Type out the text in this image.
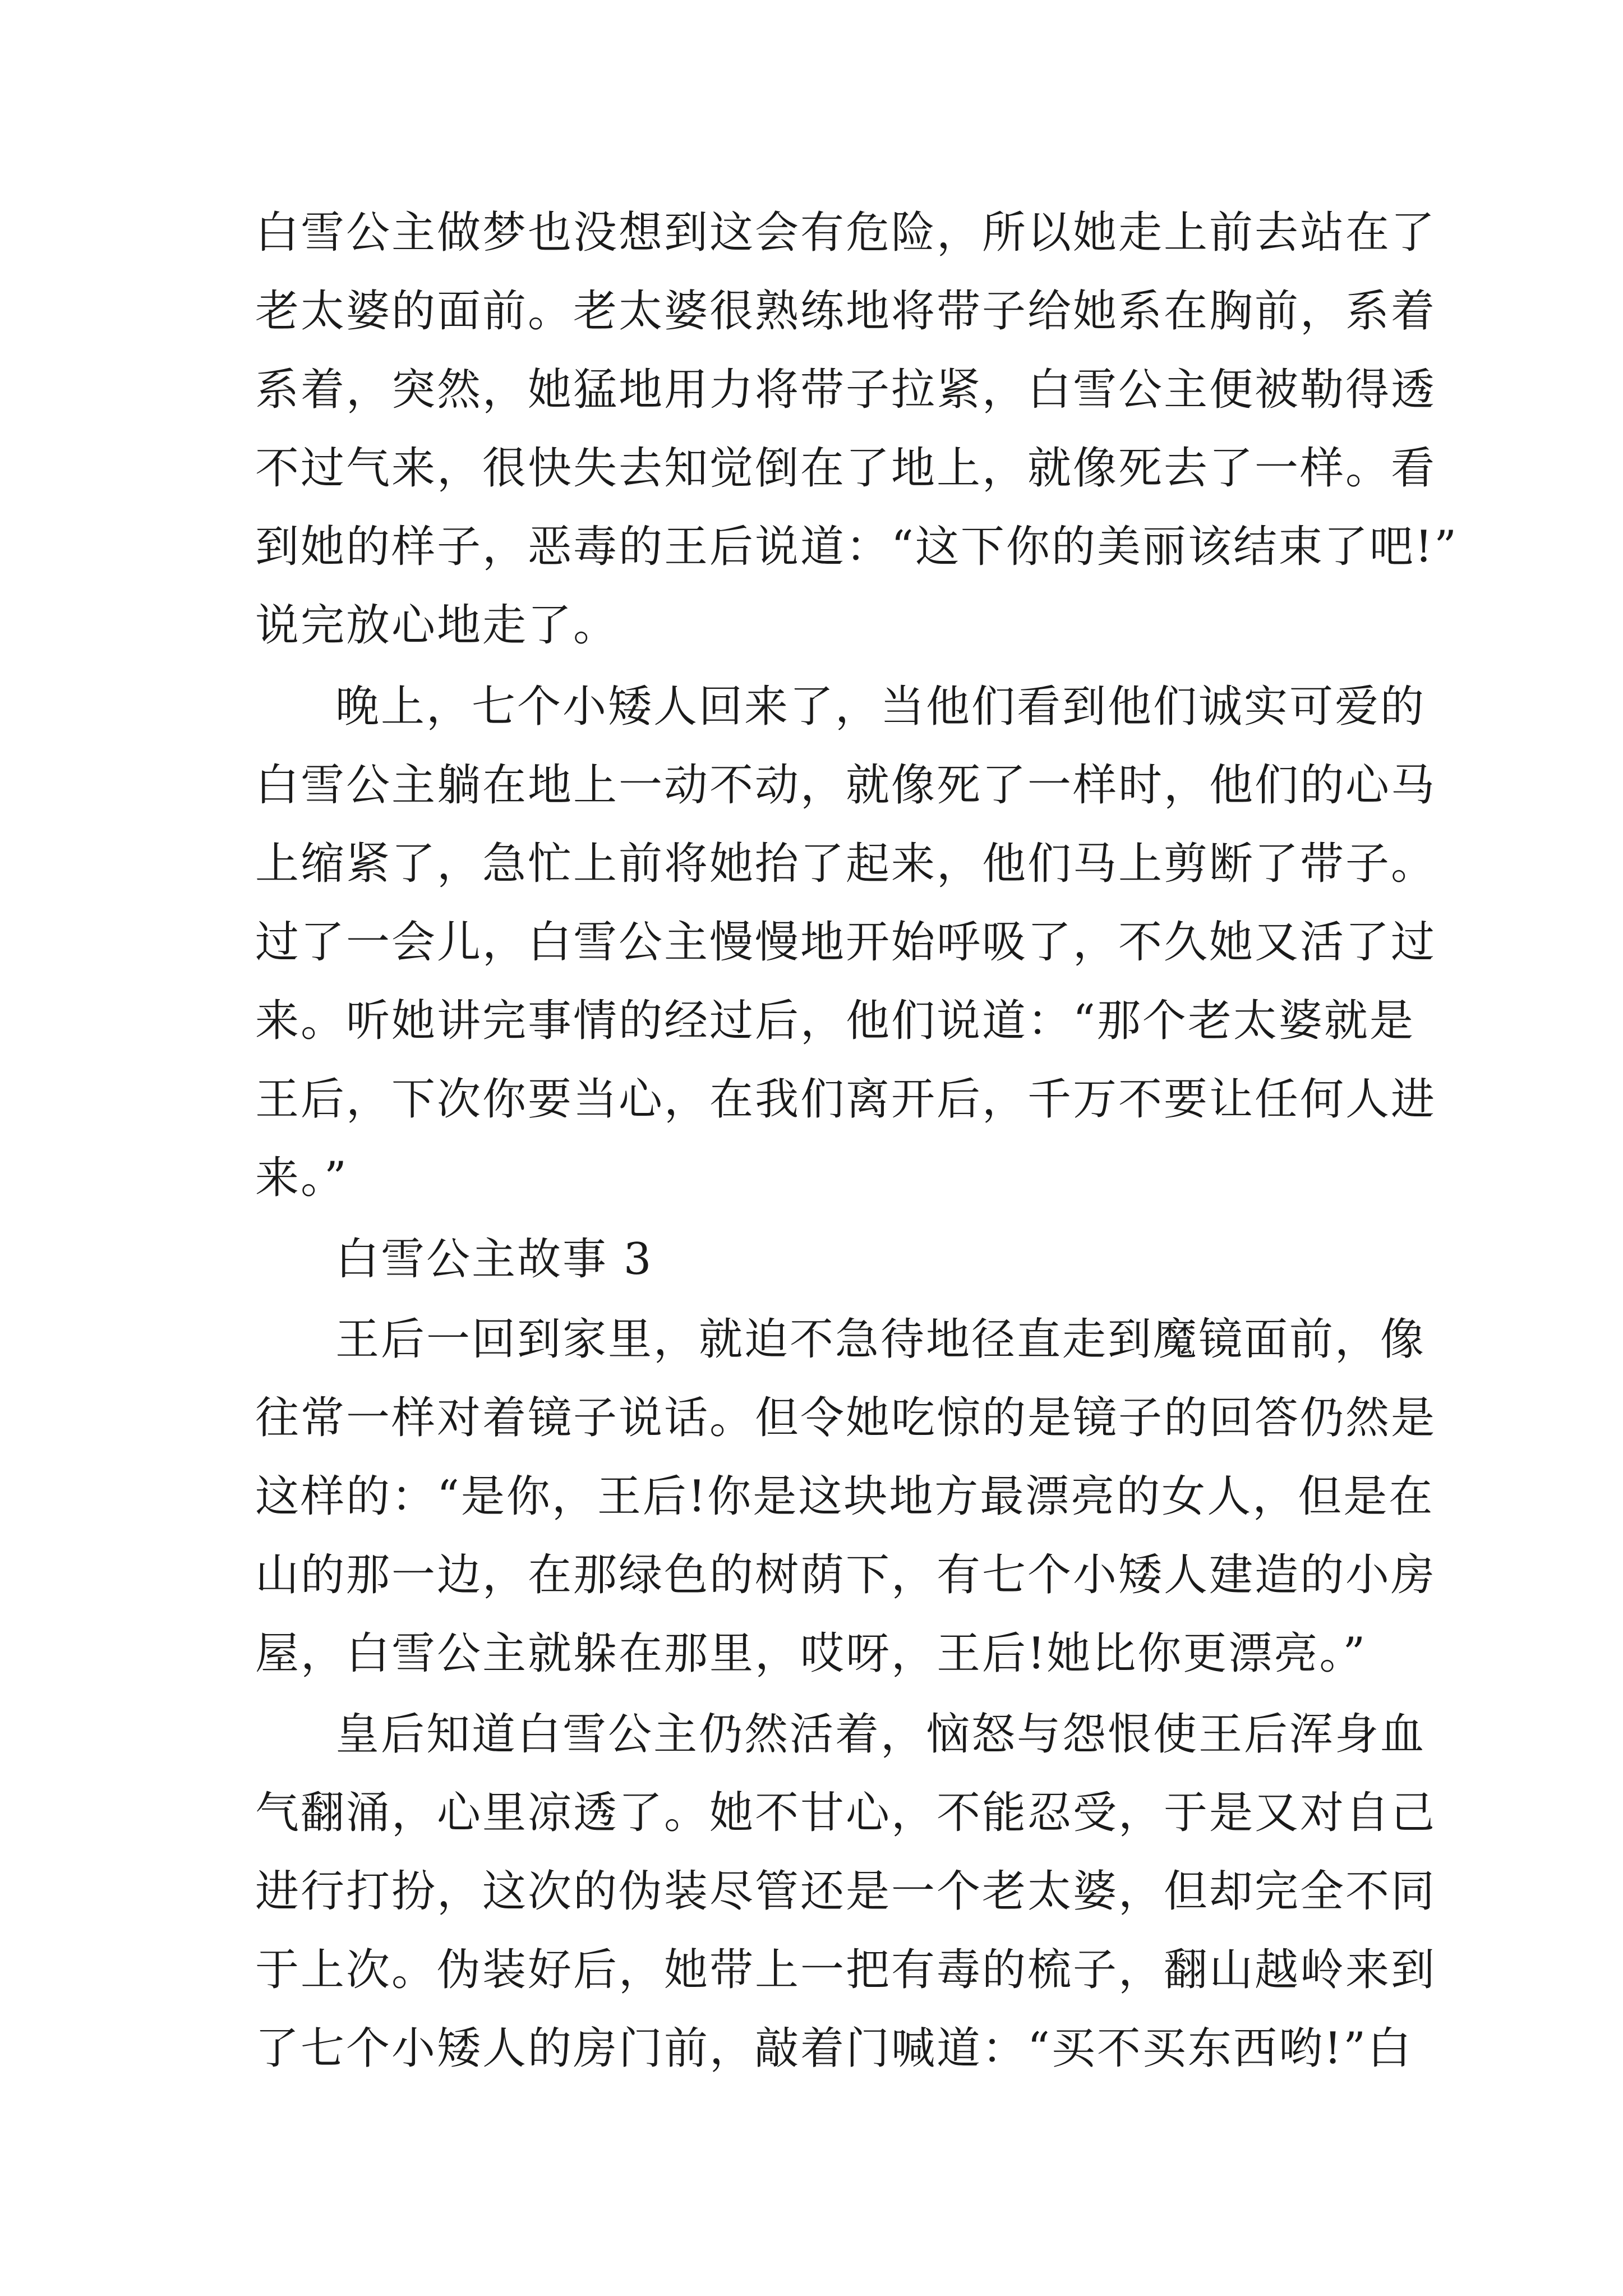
白雪公主做梦也没想到这会有危险，所以她走上前去站在了
老太婆的面前。老太婆很熟练地将带子给她系在胸前，系着
系着，突然，她猛地用力将带子拉紧，白雪公主便被勒得透
不过气来，很快失去知觉倒在了地上，就像死去了一样。看
到她的样子，恶毒的王后说道：“这下你的美丽该结束了吧!”
说完放心地走了。
晚上，七个小矮人回来了，当他们看到他们诚实可爱的
白雪公主躺在地上一动不动，就像死了一样时，他们的心马
上缩紧了，急忙上前将她抬了起来，他们马上剪断了带子。
过了一会儿，白雪公主慢慢地开始呼吸了，不久她又活了过
来。听她讲完事情的经过后，他们说道：“那个老太婆就是
王后，下次你要当心，在我们离开后，千万不要让任何人进
来。”
白雪公主故事 3
王后一回到家里，就迫不急待地径直走到魔镜面前，像
往常一样对着镜子说话。但令她吃惊的是镜子的回答仍然是
这样的：“是你，王后!你是这块地方最漂亮的女人，但是在
山的那一边，在那绿色的树荫下，有七个小矮人建造的小房
屋，白雪公主就躲在那里，哎呀，王后!她比你更漂亮。”
皇后知道白雪公主仍然活着，恼怒与怨恨使王后浑身血
气翻涌，心里凉透了。她不甘心，不能忍受，于是又对自己
进行打扮，这次的伪装尽管还是一个老太婆，但却完全不同
于上次。伪装好后，她带上一把有毒的梳子，翻山越岭来到
了七个小矮人的房门前，敲着门喊道：“买不买东西哟!”白
